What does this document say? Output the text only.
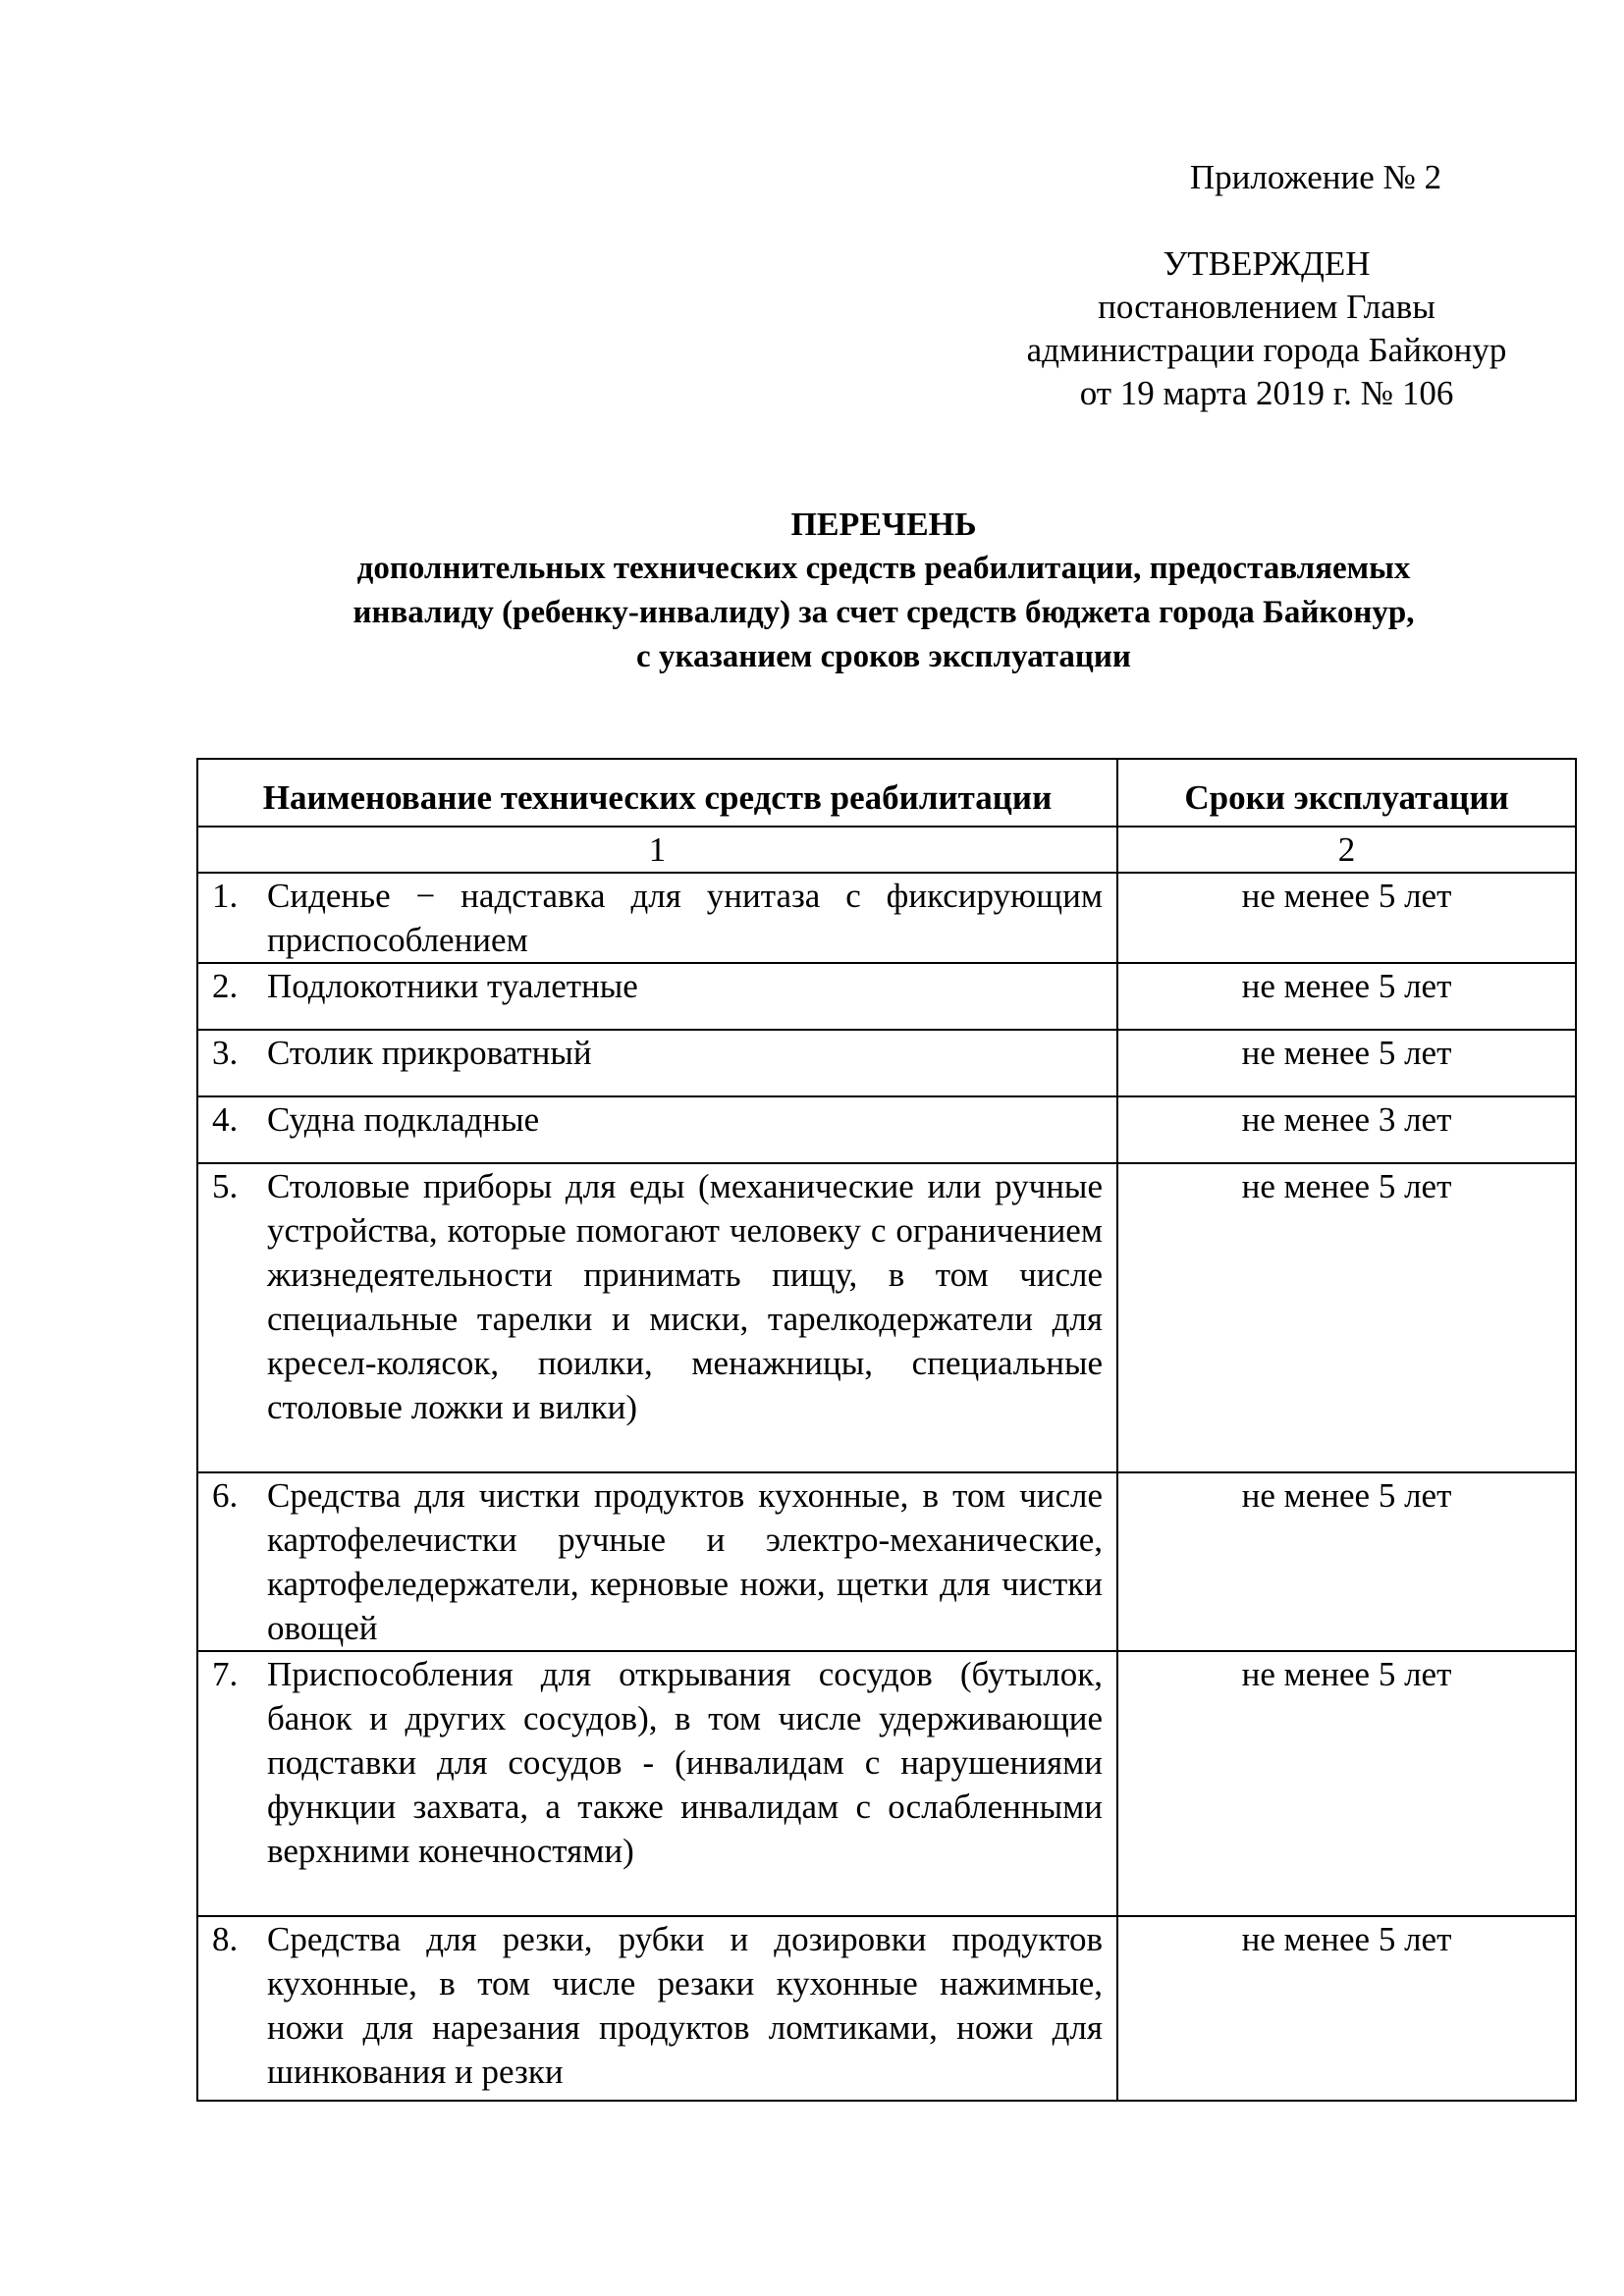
Приложение № 2
УТВЕРЖДЕН
постановлением Главы
администрации города Байконур
от 19 марта 2019 г. № 106
ПЕРЕЧЕНЬ
дополнительных технических средств реабилитации, предоставляемых
инвалиду (ребенку-инвалиду) за счет средств бюджета города Байконур,
с указанием сроков эксплуатации
Наименование технических средств реабилитации	Сроки эксплуатации
1	2

1. Сиденье − надставка для унитаза с фиксирующим приспособлением	не менее 5 лет

2. Подлокотники туалетные	не менее 5 лет

3. Столик прикроватный	не менее 5 лет

4. Судна подкладные	не менее 3 лет

5. Столовые приборы для еды (механические или ручные устройства, которые помогают человеку с ограничением жизнедеятельности принимать пищу, в том числе специальные тарелки и миски, тарелкодержатели для кресел-колясок, поилки, менажницы, специальные столовые ложки и вилки)	не менее 5 лет

6. Средства для чистки продуктов кухонные, в том числе картофелечистки ручные и электро-механические, картофеледержатели, керновые ножи, щетки для чистки овощей	не менее 5 лет

7. Приспособления для открывания сосудов (бутылок, банок и других сосудов), в том числе удерживающие подставки для сосудов - (инвалидам с нарушениями функции захвата, а также инвалидам с ослабленными верхними конечностями)	не менее 5 лет

8. Средства для резки, рубки и дозировки продуктов кухонные, в том числе резаки кухонные нажимные, ножи для нарезания продуктов ломтиками, ножи для шинкования и резки	не менее 5 лет
